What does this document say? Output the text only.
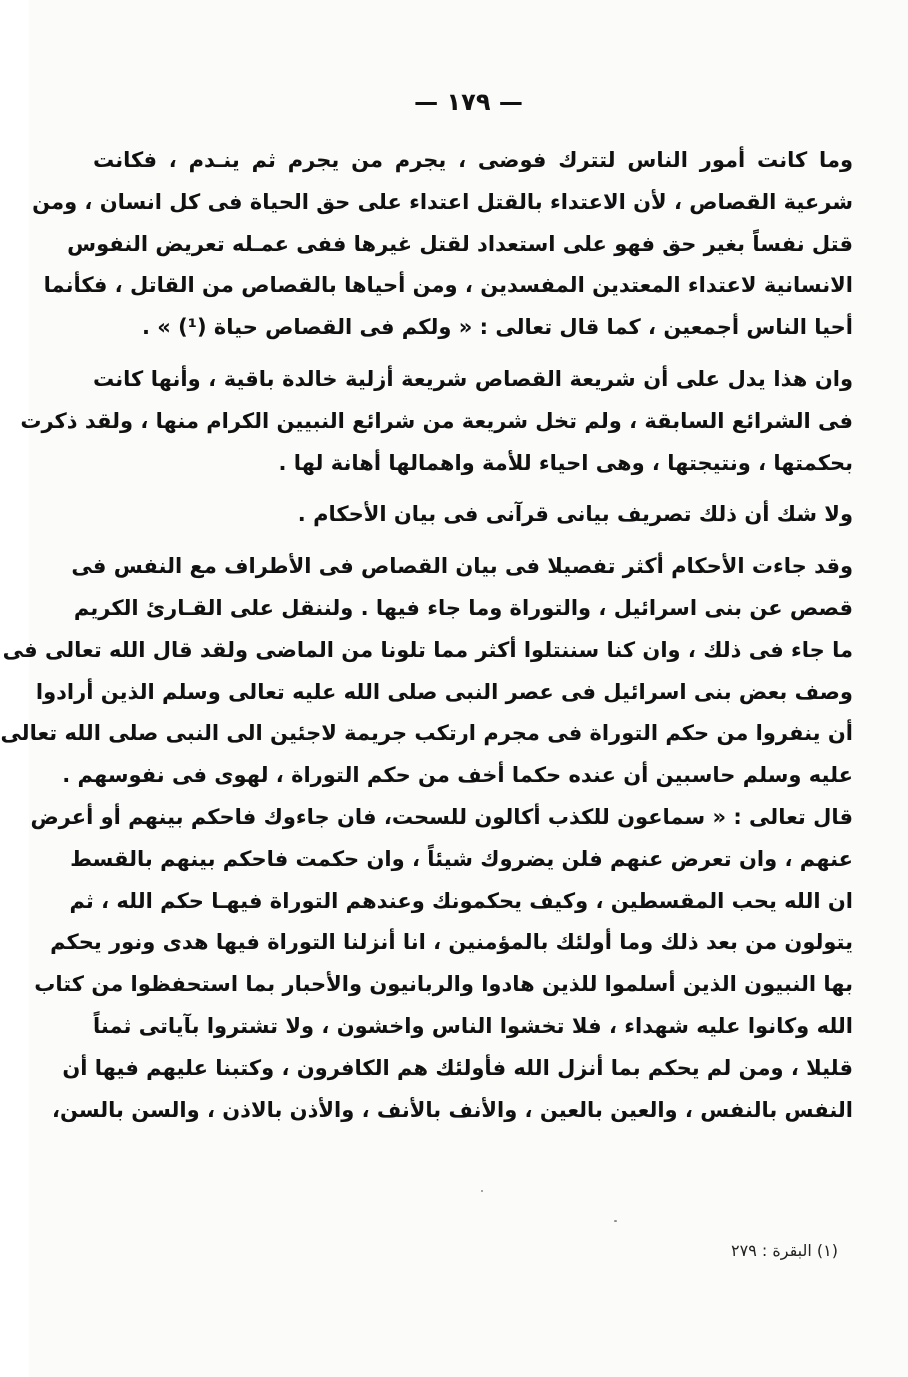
— ١٧٩ —
وما كانت أمور الناس لتترك فوضى ، يجرم من يجرم ثم ينـدم ، فكانت
شرعية القصاص ، لأن الاعتداء بالقتل اعتداء على حق الحياة فى كل انسان ، ومن
قتل نفساً بغير حق فهو على استعداد لقتل غيرها ففى عمـله تعريض النفوس
الانسانية لاعتداء المعتدين المفسدين ، ومن أحياها بالقصاص من القاتل ، فكأنما
أحيا الناس أجمعين ، كما قال تعالى : « ولكم فى القصاص حياة (¹) » .
وان هذا يدل على أن شريعة القصاص شريعة أزلية خالدة باقية ، وأنها كانت
فى الشرائع السابقة ، ولم تخل شريعة من شرائع النبيين الكرام منها ، ولقد ذكرت
بحكمتها ، ونتيجتها ، وهى احياء للأمة واهمالها أهانة لها .
ولا شك أن ذلك تصريف بيانى قرآنى فى بيان الأحكام .
وقد جاءت الأحكام أكثر تفصيلا فى بيان القصاص فى الأطراف مع النفس فى
قصص عن بنى اسرائيل ، والتوراة وما جاء فيها . ولننقل على القـارئ الكريم
ما جاء فى ذلك ، وان كنا سننتلوا أكثر مما تلونا من الماضى ولقد قال الله تعالى فى
وصف بعض بنى اسرائيل فى عصر النبى صلى الله عليه تعالى وسلم الذين أرادوا
أن ينفروا من حكم التوراة فى مجرم ارتكب جريمة لاجئين الى النبى صلى الله تعالى
عليه وسلم حاسبين أن عنده حكما أخف من حكم التوراة ، لهوى فى نفوسهم .
قال تعالى : « سماعون للكذب أكالون للسحت، فان جاءوك فاحكم بينهم أو أعرض
عنهم ، وان تعرض عنهم فلن يضروك شيئاً ، وان حكمت فاحكم بينهم بالقسط
ان الله يحب المقسطين ، وكيف يحكمونك وعندهم التوراة فيهـا حكم الله ، ثم
يتولون من بعد ذلك وما أولئك بالمؤمنين ، انا أنزلنا التوراة فيها هدى ونور يحكم
بها النبيون الذين أسلموا للذين هادوا والربانيون والأحبار بما استحفظوا من كتاب
الله وكانوا عليه شهداء ، فلا تخشوا الناس واخشون ، ولا تشتروا بآياتى ثمناً
قليلا ، ومن لم يحكم بما أنزل الله فأولئك هم الكافرون ، وكتبنا عليهم فيها أن
النفس بالنفس ، والعين بالعين ، والأنف بالأنف ، والأذن بالاذن ، والسن بالسن،
(١) البقرة : ٢٧٩
